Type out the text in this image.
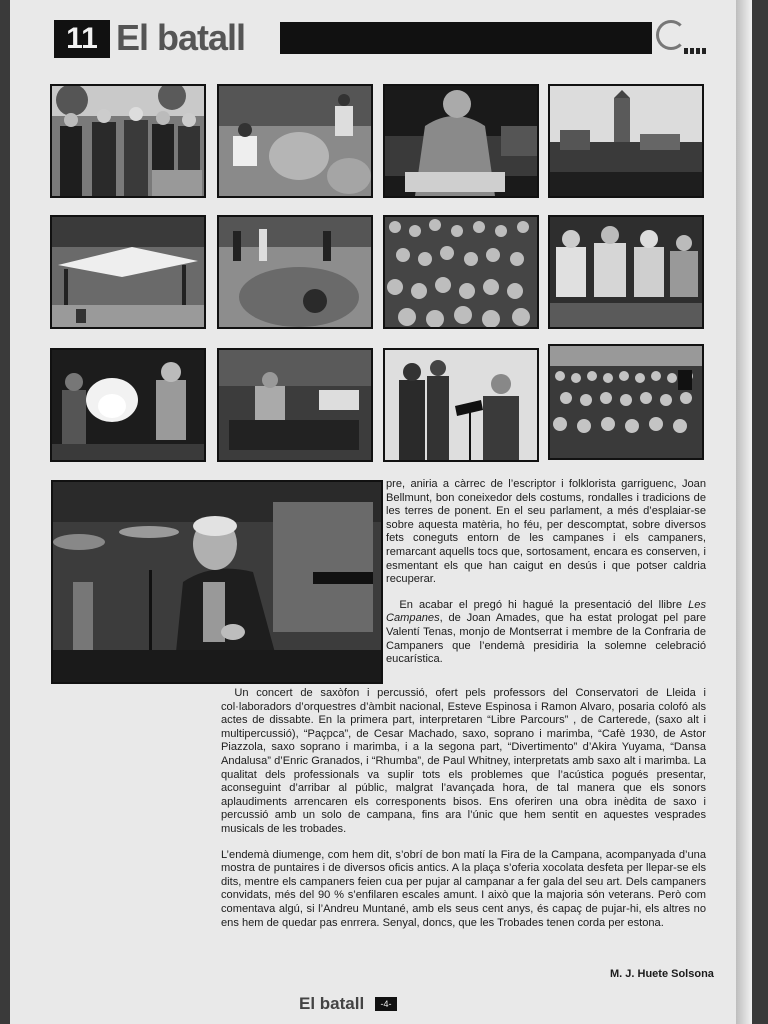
11 El batall

pre, aniria a càrrec de l’escriptor i folklorista garriguenc, Joan Bellmunt, bon coneixedor dels costums, rondalles i tradicions de les terres de ponent. En el seu parlament, a més d’esplaiar-se sobre aquesta matèria, ho féu, per descomptat, sobre diversos fets coneguts entorn de les campanes i els campaners, remarcant aquells tocs que, sortosament, encara es conserven, i esmentant els que han caigut en desús i que potser caldria recuperar.

En acabar el pregó hi hagué la presentació del llibre Les Campanes, de Joan Amades, que ha estat prologat pel pare Valentí Tenas, monjo de Montserrat i membre de la Confraria de Campaners que l’endemà presidiria la solemne celebració eucarística.

Un concert de saxòfon i percussió, ofert pels professors del Conservatori de Lleida i col·laboradors d’orquestres d’àmbit nacional, Esteve Espinosa i Ramon Alvaro, posaria colofó als actes de dissabte. En la primera part, interpretaren “Libre Parcours” , de Carterede, (saxo alt i multipercussió), “Paçpca”, de Cesar Machado, saxo, soprano i marimba, “Cafè 1930, de Astor Piazzola, saxo soprano i marimba, i a la segona part, “Divertimento” d’Akira Yuyama, “Dansa Andalusa” d’Enric Granados, i “Rhumba”, de Paul Whitney, interpretats amb saxo alt i marimba. La qualitat dels professionals va suplir tots els problemes que l’acústica pogués presentar, aconseguint d’arribar al públic, malgrat l’avançada hora, de tal manera que els sonors aplaudiments arrencaren els corresponents bisos. Ens oferiren una obra inèdita de saxo i percussió amb un solo de campana, fins ara l’únic que hem sentit en aquestes vesprades musicals de les trobades.

L’endemà diumenge, com hem dit, s’obrí de bon matí la Fira de la Campana, acompanyada d’una mostra de puntaires i de diversos oficis antics. A la plaça s’oferia xocolata desfeta per llepar-se els dits, mentre els campaners feien cua per pujar al campanar a fer gala del seu art. Dels campaners convidats, més del 90 % s’enfilaren escales amunt. I això que la majoria són veterans. Però com comentava algú, si l’Andreu Muntané, amb els seus cent anys, és capaç de pujar-hi, els altres no ens hem de quedar pas enrrera. Senyal, doncs, que les Trobades tenen corda per estona.

M. J. Huete Solsona
El batall	-4-
